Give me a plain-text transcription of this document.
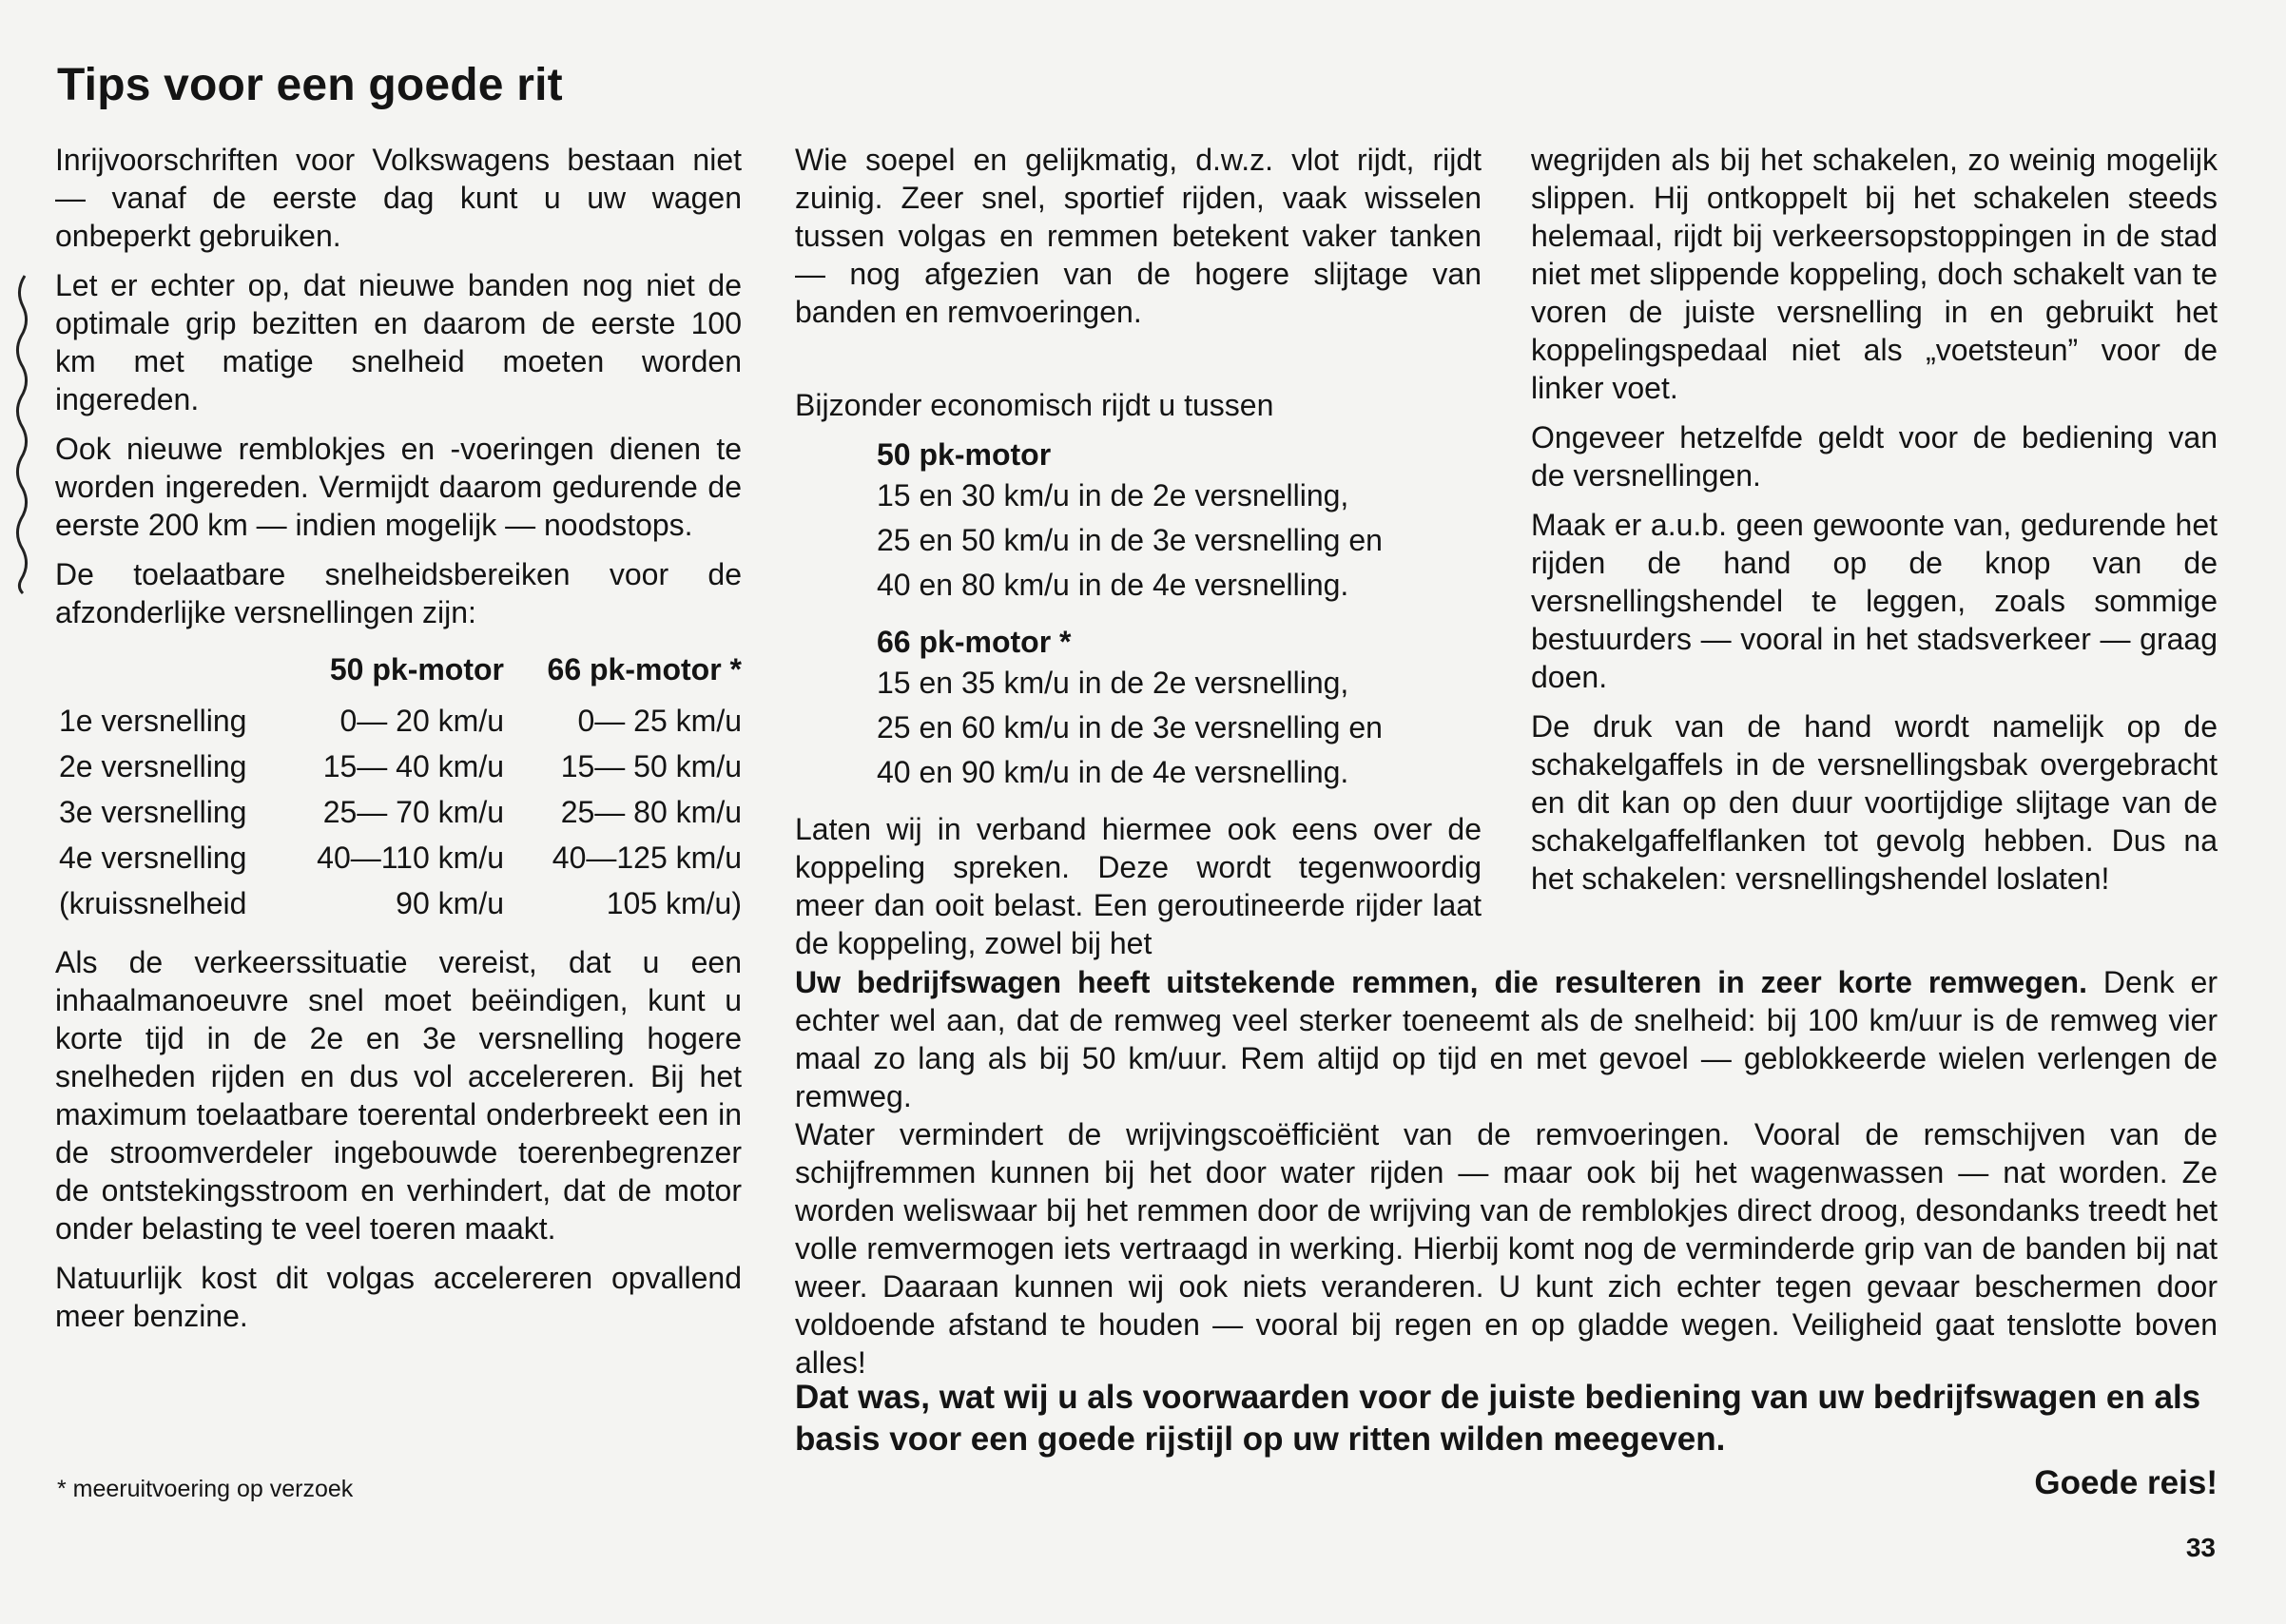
Tips voor een goede rit

Inrijvoorschriften voor Volkswagens bestaan niet — vanaf de eerste dag kunt u uw wagen onbeperkt gebruiken.

Let er echter op, dat nieuwe banden nog niet de optimale grip bezitten en daarom de eerste 100 km met matige snelheid moeten worden ingereden.

Ook nieuwe remblokjes en -voeringen dienen te worden ingereden. Vermijdt daarom gedurende de eerste 200 km — indien mogelijk — noodstops.

De toelaatbare snelheidsbereiken voor de afzonderlijke versnellingen zijn:

	50 pk-motor	66 pk-motor *
1e versnelling	0— 20 km/u	0— 25 km/u
2e versnelling	15— 40 km/u	15— 50 km/u
3e versnelling	25— 70 km/u	25— 80 km/u
4e versnelling	40—110 km/u	40—125 km/u
(kruissnelheid	90 km/u	105 km/u)

Als de verkeerssituatie vereist, dat u een inhaalmanoeuvre snel moet beëindigen, kunt u korte tijd in de 2e en 3e versnelling hogere snelheden rijden en dus vol accelereren. Bij het maximum toelaatbare toerental onderbreekt een in de stroomverdeler ingebouwde toerenbegrenzer de ontstekingsstroom en verhindert, dat de motor onder belasting te veel toeren maakt.

Natuurlijk kost dit volgas accelereren opvallend meer benzine.

Wie soepel en gelijkmatig, d.w.z. vlot rijdt, rijdt zuinig. Zeer snel, sportief rijden, vaak wisselen tussen volgas en remmen betekent vaker tanken — nog afgezien van de hogere slijtage van banden en remvoeringen.

Bijzonder economisch rijdt u tussen

50 pk-motor
15 en 30 km/u in de 2e versnelling,
25 en 50 km/u in de 3e versnelling en
40 en 80 km/u in de 4e versnelling.
66 pk-motor *
15 en 35 km/u in de 2e versnelling,
25 en 60 km/u in de 3e versnelling en
40 en 90 km/u in de 4e versnelling.

Laten wij in verband hiermee ook eens over de koppeling spreken. Deze wordt tegenwoordig meer dan ooit belast. Een geroutineerde rijder laat de koppeling, zowel bij het

wegrijden als bij het schakelen, zo weinig mogelijk slippen. Hij ontkoppelt bij het schakelen steeds helemaal, rijdt bij verkeersopstoppingen in de stad niet met slippende koppeling, doch schakelt van te voren de juiste versnelling in en gebruikt het koppelingspedaal niet als „voetsteun” voor de linker voet.

Ongeveer hetzelfde geldt voor de bediening van de versnellingen.

Maak er a.u.b. geen gewoonte van, gedurende het rijden de hand op de knop van de versnellingshendel te leggen, zoals sommige bestuurders — vooral in het stadsverkeer — graag doen.

De druk van de hand wordt namelijk op de schakelgaffels in de versnellingsbak overgebracht en dit kan op den duur voortijdige slijtage van de schakelgaffelflanken tot gevolg hebben. Dus na het schakelen: versnellingshendel loslaten!

Uw bedrijfswagen heeft uitstekende remmen, die resulteren in zeer korte remwegen. Denk er echter wel aan, dat de remweg veel sterker toeneemt als de snelheid: bij 100 km/uur is de remweg vier maal zo lang als bij 50 km/uur. Rem altijd op tijd en met gevoel — geblokkeerde wielen verlengen de remweg.
Water vermindert de wrijvingscoëfficiënt van de remvoeringen. Vooral de remschijven van de schijfremmen kunnen bij het door water rijden — maar ook bij het wagenwassen — nat worden. Ze worden weliswaar bij het remmen door de wrijving van de remblokjes direct droog, desondanks treedt het volle remvermogen iets vertraagd in werking. Hierbij komt nog de verminderde grip van de banden bij nat weer. Daaraan kunnen wij ook niets veranderen. U kunt zich echter tegen gevaar beschermen door voldoende afstand te houden — vooral bij regen en op gladde wegen. Veiligheid gaat tenslotte boven alles!

Dat was, wat wij u als voorwaarden voor de juiste bediening van uw bedrijfswagen en als basis voor een goede rijstijl op uw ritten wilden meegeven.

Goede reis!

* meeruitvoering op verzoek

33
